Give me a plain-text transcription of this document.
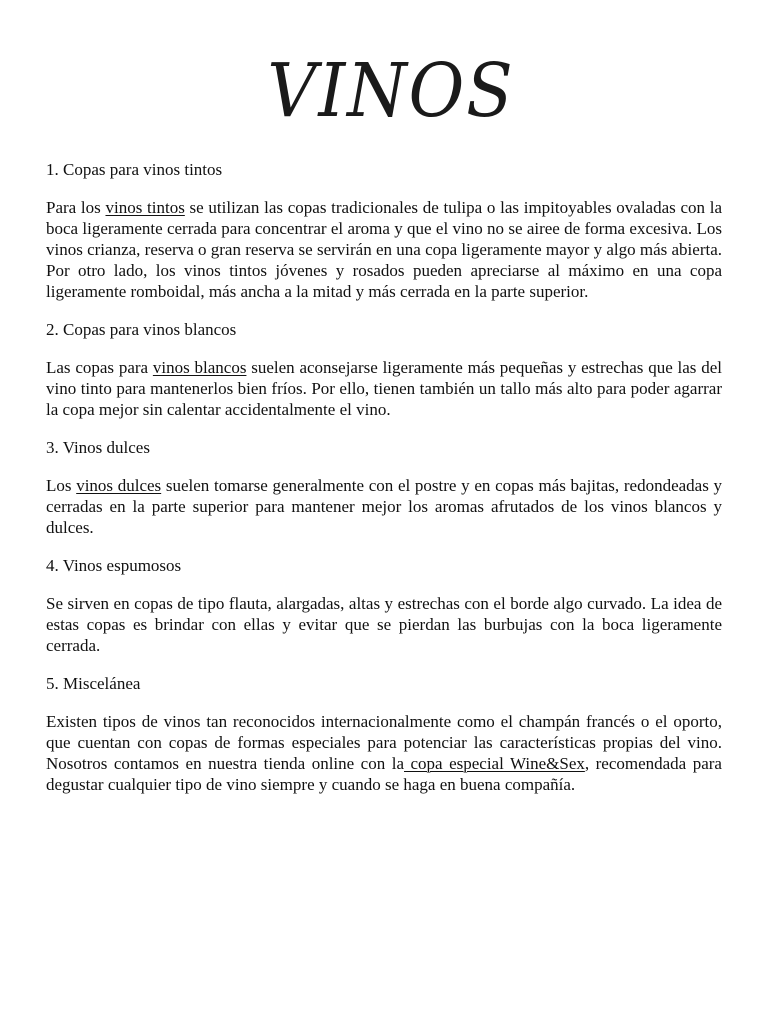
VINOS
1. Copas para vinos tintos
Para los vinos tintos se utilizan las copas tradicionales de tulipa o las impitoyables ovaladas con la boca ligeramente cerrada para concentrar el aroma y que el vino no se airee de forma excesiva. Los vinos crianza, reserva o gran reserva se servirán en una copa ligeramente mayor y algo más abierta. Por otro lado, los vinos tintos jóvenes y rosados pueden apreciarse al máximo en una copa ligeramente romboidal, más ancha a la mitad y más cerrada en la parte superior.
2. Copas para vinos blancos
Las copas para vinos blancos suelen aconsejarse ligeramente más pequeñas y estrechas que las del vino tinto para mantenerlos bien fríos. Por ello, tienen también un tallo más alto para poder agarrar la copa mejor sin calentar accidentalmente el vino.
3. Vinos dulces
Los vinos dulces suelen tomarse generalmente con el postre y en copas más bajitas, redondeadas y cerradas en la parte superior para mantener mejor los aromas afrutados de los vinos blancos y dulces.
4. Vinos espumosos
Se sirven en copas de tipo flauta, alargadas, altas y estrechas con el borde algo curvado. La idea de estas copas es brindar con ellas y evitar que se pierdan las burbujas con la boca ligeramente cerrada.
5. Miscelánea
Existen tipos de vinos tan reconocidos internacionalmente como el champán francés o el oporto, que cuentan con copas de formas especiales para potenciar las características propias del vino. Nosotros contamos en nuestra tienda online con la copa especial Wine&Sex, recomendada para degustar cualquier tipo de vino siempre y cuando se haga en buena compañía.
